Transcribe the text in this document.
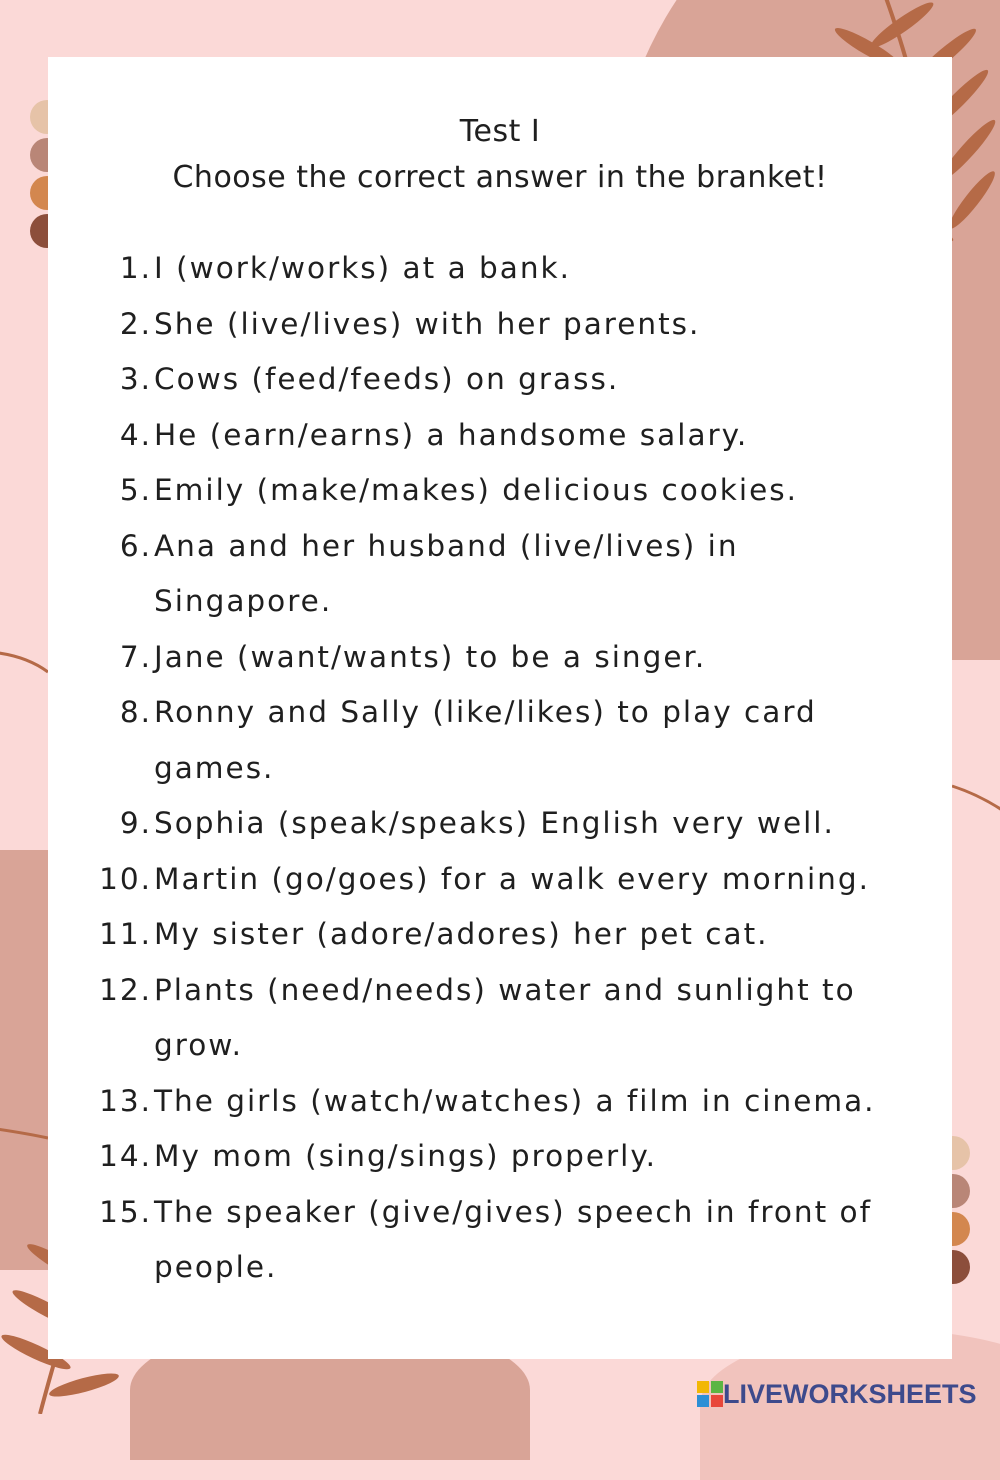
Test I
Choose the correct answer in the branket!
1. I (work/works) at a bank.
2. She (live/lives) with her parents.
3. Cows (feed/feeds) on grass.
4. He (earn/earns) a handsome salary.
5. Emily (make/makes) delicious cookies.
6. Ana and her husband (live/lives) in Singapore.
7. Jane (want/wants) to be a singer.
8. Ronny and Sally (like/likes) to play card games.
9. Sophia (speak/speaks) English very well.
10. Martin (go/goes) for a walk every morning.
11. My sister (adore/adores) her pet cat.
12. Plants (need/needs) water and sunlight to grow.
13. The girls (watch/watches) a film in cinema.
14. My mom (sing/sings) properly.
15. The speaker (give/gives) speech in front of people.
LIVEWORKSHEETS
